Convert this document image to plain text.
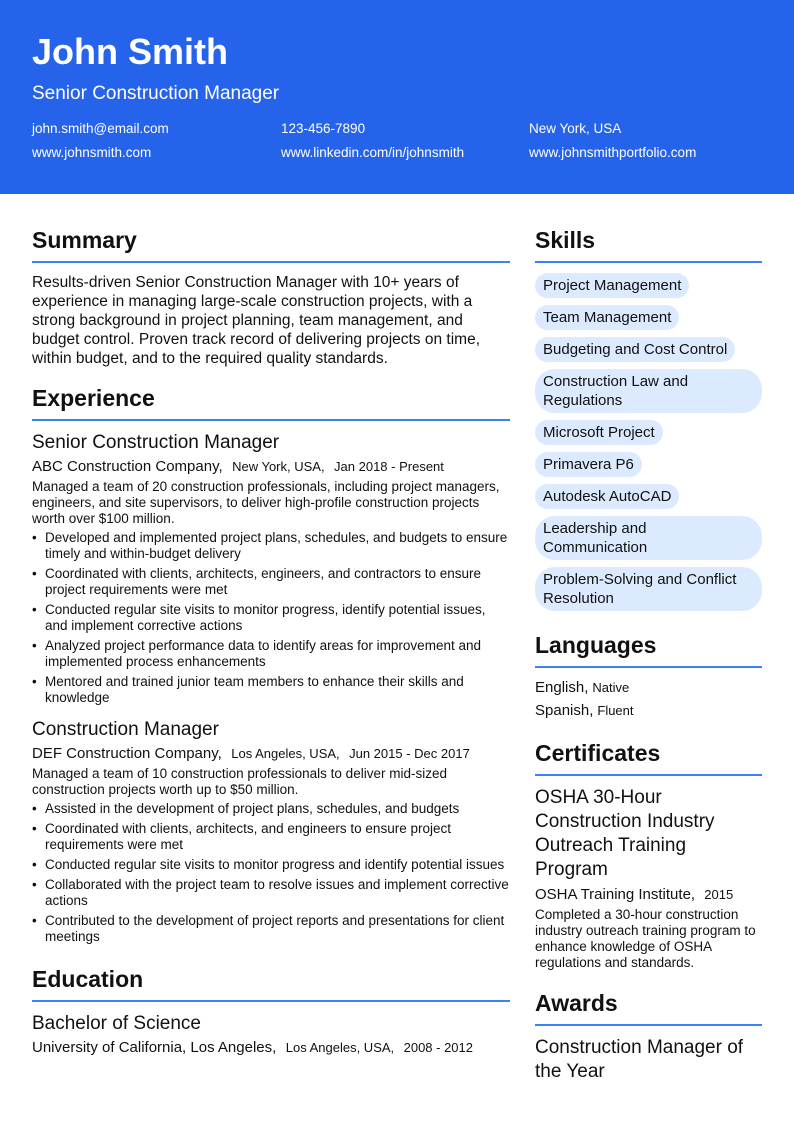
John Smith
Senior Construction Manager
john.smith@email.com	123-456-7890	New York, USA
www.johnsmith.com	www.linkedin.com/in/johnsmith	www.johnsmithportfolio.com
Summary
Results-driven Senior Construction Manager with 10+ years of experience in managing large-scale construction projects, with a strong background in project planning, team management, and budget control. Proven track record of delivering projects on time, within budget, and to the required quality standards.
Experience
Senior Construction Manager
ABC Construction Company, New York, USA, Jan 2018 - Present
Managed a team of 20 construction professionals, including project managers, engineers, and site supervisors, to deliver high-profile construction projects worth over $100 million.
• Developed and implemented project plans, schedules, and budgets to ensure timely and within-budget delivery
• Coordinated with clients, architects, engineers, and contractors to ensure project requirements were met
• Conducted regular site visits to monitor progress, identify potential issues, and implement corrective actions
• Analyzed project performance data to identify areas for improvement and implemented process enhancements
• Mentored and trained junior team members to enhance their skills and knowledge
Construction Manager
DEF Construction Company, Los Angeles, USA, Jun 2015 - Dec 2017
Managed a team of 10 construction professionals to deliver mid-sized construction projects worth up to $50 million.
• Assisted in the development of project plans, schedules, and budgets
• Coordinated with clients, architects, and engineers to ensure project requirements were met
• Conducted regular site visits to monitor progress and identify potential issues
• Collaborated with the project team to resolve issues and implement corrective actions
• Contributed to the development of project reports and presentations for client meetings
Education
Bachelor of Science
University of California, Los Angeles, Los Angeles, USA, 2008 - 2012
Skills
Project Management
Team Management
Budgeting and Cost Control
Construction Law and Regulations
Microsoft Project
Primavera P6
Autodesk AutoCAD
Leadership and Communication
Problem-Solving and Conflict Resolution
Languages
English, Native
Spanish, Fluent
Certificates
OSHA 30-Hour Construction Industry Outreach Training Program
OSHA Training Institute, 2015
Completed a 30-hour construction industry outreach training program to enhance knowledge of OSHA regulations and standards.
Awards
Construction Manager of the Year
